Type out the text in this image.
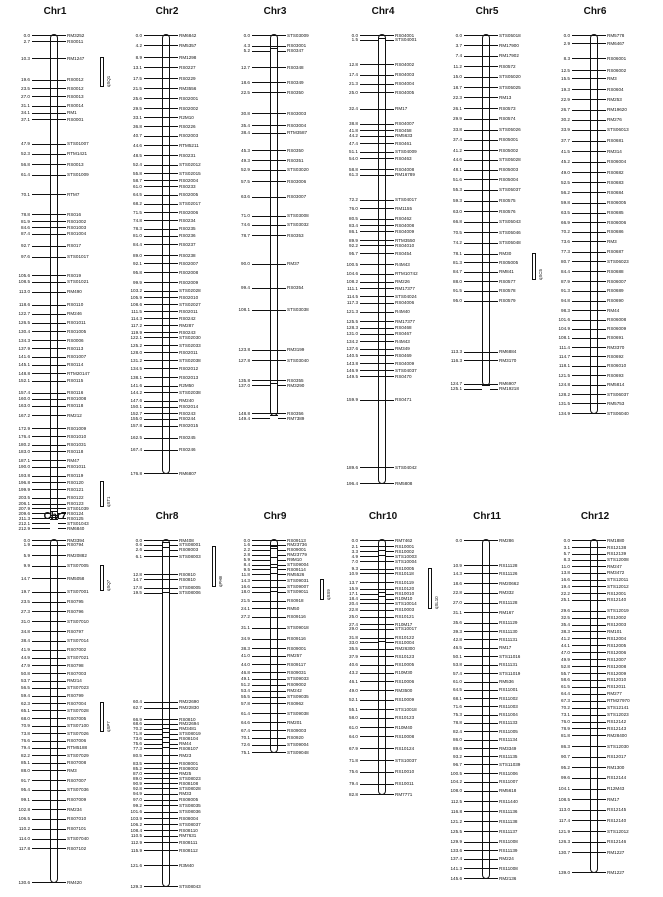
Chr1
0.0	RM3252
2.7	RS0011
10.3	RM1247
19.6	RS0012
23.5	RS0012
27.0	RS0013
31.1	RS0014
34.1	RM1
37.1	RS0001
47.9	STS01007
52.3	RTM1421
56.8	RS0013
61.4	STS01009
70.1	RTM7
78.8	RS016
81.9	RS01002
84.6	RS01003
87.4	RS01004
92.7	RS017
97.6	STS01017
105.6	RS019
108.5	STS01021
113.0	RM490
118.6	RS0110
122.7	RM246
126.5	RS01011
130.4	RS01005
134.3	RS0006
137.9	RS0113
141.6	RS01007
145.1	RS0114
148.8	RTM20147
152.1	RS0115
157.4	RS0116
160.0	RS01008
163.0	RS0118
167.2	RM212
172.9	RS01009
176.4	RS01010
180.2	RS01031
183.0	RS0118
187.1	RM47
190.0	RS01011
193.8	RS0119
196.8	RS0120
199.9	RS0121
203.5	RS0122
206.1	RS0123
207.9	STS01039
209.6	RS0124
211.3	RS0125
212.1	STS01043
212.9	RM6840
qSQ1
qST1
Chr2
0.0	RM6842
4.2	RM5357
8.9	RM1298
13.1	RS0227
17.5	RS0229
21.5	RM3556
25.6	RS02001
29.5	RS02002
33.1	R2M10
36.8	RS0226
40.7	RS02003
44.6	RTM5211
48.5	RS0231
52.4	STS02012
55.8	STS02015
58.7	RS02004
61.0	RS0233
64.5	RS02005
68.2	STS02017
71.5	RS02006
74.8	RS0234
78.3	RS0235
81.0	RS0236
84.4	RS0237
89.0	RS0238
92.1	RS02007
95.8	RS02008
99.9	RS02009
103.2	STS02028
105.9	RS02010
108.6	STS02027
111.5	RS02011
114.3	RS0242
117.2	RM287
119.9	RS0243
122.1	STS02030
125.2	STS02033
128.0	RS02011
131.2	STS02038
134.5	RS02012
138.1	RS02013
141.6	R2M50
144.2	STS02038
147.6	RM240
150.1	RS02014
152.7	RS0243
155.0	RS0244
157.8	RS02015
162.5	RS0245
167.4	RS0246
176.8	RM6807
Chr3
0.0	STS03009
4.3	RS03001
5.2	RS0347
12.7	RS0348
18.6	RS0349
22.5	RS0350
30.8	RS03003
35.4	RS03004
38.4	RTM3587
45.3	RS0350
49.3	RS0351
52.9	STS03020
57.5	RS03006
63.6	RS03007
71.0	STS03008
74.6	STS03032
78.7	RS0353
90.0	RM37
99.4	RS0354
108.1	STS03038
123.8	RM3199
127.8	STS03040
135.8	RS0355
137.0	RM3290
148.8	RS0356
149.4	RM7389
Chr4
0.0	RS04001
1.5	STS04001
12.8	RS04002
17.4	RS04003
21.3	RS04004
25.0	RS04005
32.4	RM17
38.8	RS04007
41.8	RS0458
44.2	RM5633
47.4	RS0461
51.1	STS04009
54.0	RS0463
58.8	RS04008
61.3	RM16789
72.2	STS04017
76.0	RM1155
80.5	RS0462
83.4	RS04008
86.1	RS04009
89.9	RTM3550
92.2	RS04010
95.7	RS0454
100.5	R4M43
104.6	RTM10742
108.2	RM226
111.1	RM17377
114.5	STS04024
117.3	RS04006
121.3	R4M40
125.5	RM17377
128.3	RS0468
131.0	RS0467
134.2	R4M43
137.6	RM349
140.5	RS0469
143.8	RS04009
146.9	STS04037
149.5	RS0470
159.9	RS0471
189.6	STS04042
196.4	RM5808
Chr5
0.0	STS05018
3.7	RM17900
7.4	RM17902
11.2	RS0572
15.0	STS05020
18.7	STS05025
22.3	RM13
26.1	RS0573
29.9	RS0574
33.8	STS05026
37.4	RS05001
41.2	RS05002
44.6	STS05028
48.1	RS05003
51.6	RS05004
55.3	STS05037
59.3	RS0575
63.0	RS0576
66.8	STS05043
70.5	STS05046
74.2	STS05048
78.1	RM30
81.3	RS05005
84.7	RM841
88.0	RS0577
91.5	RS0578
95.0	RS0579
113.3	RM6884
116.3	RM3170
124.7	RM6907
125.1	RM19218
qSC5
Chr6
0.0	RM5778
2.9	RM6467
8.3	RS06001
12.5	RS06002
15.5	RM3
19.3	RS0604
22.9	RM253
26.7	RM19620
30.2	RM276
33.9	STS06013
37.7	RS0681
41.5	RM314
45.2	RS06004
49.0	RS0682
52.5	RS0683
56.2	RS0684
59.8	RS06005
63.5	RS0685
66.9	RS06006
70.2	RS0686
73.6	RM3
77.3	RS0687
80.7	STS06023
84.4	RS0688
87.9	RS06007
91.3	RS0689
94.8	RS0690
98.3	RM44
101.6	RS06008
104.9	RS06009
108.1	RS0691
111.4	RM3370
114.7	RS0692
118.1	RS06010
121.5	RS0693
124.8	RM5814
128.2	STS06037
131.5	RM5753
134.9	STS06040
Chr7
0.0	RM3394
1.9	RS0794
5.9	RM20882
9.9	STS07005
14.7	RM5058
19.7	STS07001
23.5	RS0795
27.3	RS0796
31.0	STS07010
34.8	RS0797
38.4	STS07014
41.9	RS07002
44.9	STS07021
47.9	RS0798
50.8	RS07003
53.7	RM214
56.5	STS07023
59.4	RS0799
62.3	RS07004
65.1	STS07028
68.0	RS07005
70.9	STS07100
73.8	STS07026
76.6	RS07006
79.4	RTM5188
82.2	STS07029
85.1	RS07008
88.0	RM3
91.7	RS07007
95.4	STS07036
99.1	RS07009
102.8	RM234
106.5	RS07010
110.2	RS07101
114.0	STS07040
117.8	RS07102
130.6	RM420
qSQ7
qSP7
Chr8
0.0	RM408
0.6	STS08001
2.6	RS08003
6.1	STS08003
12.8	RS0810
14.7	RS0810
17.8	STS08005
19.5	STS08006
60.4	RM22690
62.7	RM22830
66.9	RS0810
68.6	RM22694
70.2	RM3481
71.8	STS08019
73.6	RS08104
75.6	RM44
77.3	RS08107
80.5	RM23
83.5	RS08001
85.2	RS08002
87.0	RM25
89.0	STS08023
90.9	RS08108
92.8	STS08028
94.9	RM33
97.0	RS08005
99.2	STS08035
101.6	STS08036
103.9	RS08004
106.2	STS08037
108.4	RS08110
110.5	RM7631
112.9	RS08111
115.9	RS08112
121.6	R3M40
129.3	STS08043
qPH8
Chr9
0.0	RS09113
1.6	RM23736
2.2	RS09001
2.8	RM23779
5.9	R9M10
8.4	STS09004
9.5	RS09114
11.8	RM5526
14.3	STS09031
16.6	STS09007
18.0	STS09011
21.5	RS0918
24.1	RM50
27.2	RS09116
31.1	STS09018
34.9	RS09116
38.3	RS09001
41.0	RM257
44.0	RS09117
46.8	RS09031
49.1	STS09033
51.2	RS09002
53.4	RM242
55.5	STS09035
57.8	RS0962
61.4	STS09038
64.6	RM201
67.4	RS09003
70.1	RS0920
72.6	STS09004
75.1	STS09048
qSS9
Chr10
0.0	RM7462
2.1	RS10001
3.3	RS10002
4.9	STS10003
7.0	STS10004
9.3	RS10005
10.9	RS10118
13.7	RS10119
15.9	RS10120
17.1	RS10010
18.4	R10M10
20.4	STS10014
22.8	RS10003
25.0	RS10121
27.4	R10M17
29.0	STS10017
31.8	RS10122
33.0	RS10004
35.5	RM26300
37.9	RS10123
40.6	RS10005
43.2	R10M30
46.1	RS10006
49.0	RM3500
52.1	RS10009
55.1	STS10018
58.0	RS10123
61.0	R10M40
64.0	RS10008
67.9	RS10124
71.8	STS10037
75.6	RS10010
79.4	RS10011
82.8	RM7771
qSL10
Chr11
0.0	RM286
10.9	RS11128
14.3	RS11126
18.6	RM20662
22.8	RM332
27.0	RS11128
31.1	RM167
35.6	RS11129
39.3	RS11130
42.8	RS11131
46.5	RM17
50.1	STS11016
53.8	RS11131
57.4	STS11019
61.0	RM536
64.5	RS11001
68.1	RS11002
71.6	RS11003
75.3	RS11004
78.8	RS11133
82.4	RS11005
86.0	RS11134
89.6	RM3349
93.2	RS11135
96.7	STS11039
100.5	RS11006
104.2	RS11007
108.0	RM5618
112.5	RS11440
116.8	RS11136
121.2	RS11138
125.5	RS11137
129.9	RS11008
133.6	RS11139
137.4	RM224
141.3	RS11008
145.6	RM2136
Chr12
0.0	RM1880
3.1	RS12138
5.7	RS12139
8.3	STS12008
11.0	RM247
13.8	RM3472
16.6	STS12011
19.4	STS12012
22.2	RS12001
25.1	RS12140
29.6	STS12019
32.5	RS12002
35.4	RS12003
38.3	RM101
41.2	RS12004
44.1	RS12005
47.0	RS12006
49.9	RS12007
52.8	RS12008
55.7	RS12009
58.6	RS12010
61.5	RS12011
64.4	RM277
67.3	RTM27970
70.2	STS12141
73.1	STS12023
76.0	RS12142
78.9	RS12143
81.8	RM28400
86.3	STS12030
90.7	RS12017
95.2	RM1300
99.6	RS12144
104.1	R12M43
108.5	RM17
113.0	RS12145
117.4	RS12140
121.9	STS12012
126.3	RS12146
130.7	RM1227
139.0	RM1227
